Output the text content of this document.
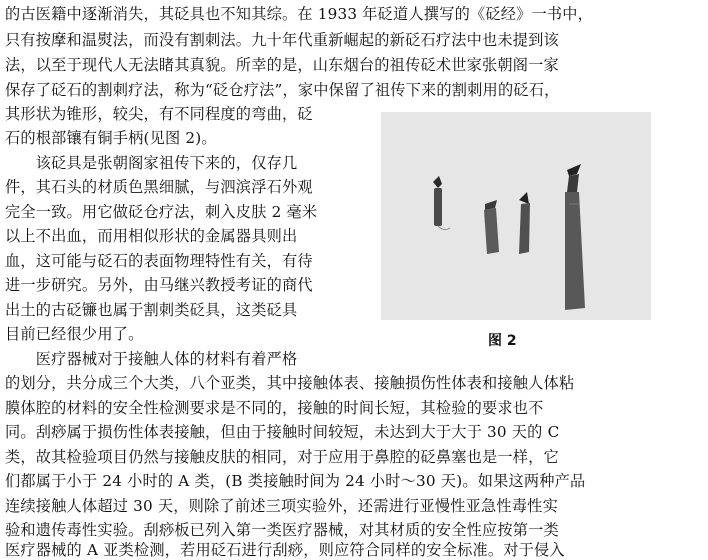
的古医籍中逐渐消失，其砭具也不知其综。在 1933 年砭道人撰写的《砭经》一书中，
只有按摩和温熨法，而没有割刺法。九十年代重新崛起的新砭石疗法中也未提到该
法，以至于现代人无法睹其真貌。所幸的是，山东烟台的祖传砭术世家张朝阁一家
保存了砭石的割刺疗法，称为“砭仓疗法”，家中保留了祖传下来的割刺用的砭石，
其形状为锥形，较尖，有不同程度的弯曲，砭
石的根部镶有铜手柄(见图 2)。
　　该砭具是张朝阁家祖传下来的，仅存几
件，其石头的材质色黑细腻，与泗滨浮石外观
完全一致。用它做砭仓疗法，刺入皮肤 2 毫米
以上不出血，而用相似形状的金属器具则出
血，这可能与砭石的表面物理特性有关，有待
进一步研究。另外，由马继兴教授考证的商代
出土的古砭镰也属于割刺类砭具，这类砭具
目前已经很少用了。
　　医疗器械对于接触人体的材料有着严格
的划分，共分成三个大类，八个亚类，其中接触体表、接触损伤性体表和接触人体粘
膜体腔的材料的安全性检测要求是不同的，接触的时间长短，其检验的要求也不
同。刮痧属于损伤性体表接触，但由于接触时间较短，未达到大于大于 30 天的 C
类，故其检验项目仍然与接触皮肤的相同，对于应用于鼻腔的砭鼻塞也是一样，它
们都属于小于 24 小时的 A 类，(B 类接触时间为 24 小时～30 天)。如果这两种产品
连续接触人体超过 30 天，则除了前述三项实验外，还需进行亚慢性亚急性毒性实
验和遗传毒性实验。刮痧板已列入第一类医疗器械，对其材质的安全性应按第一类
医疗器械的 A 亚类检测，若用砭石进行刮痧，则应符合同样的安全标准。对于侵入
图 2
